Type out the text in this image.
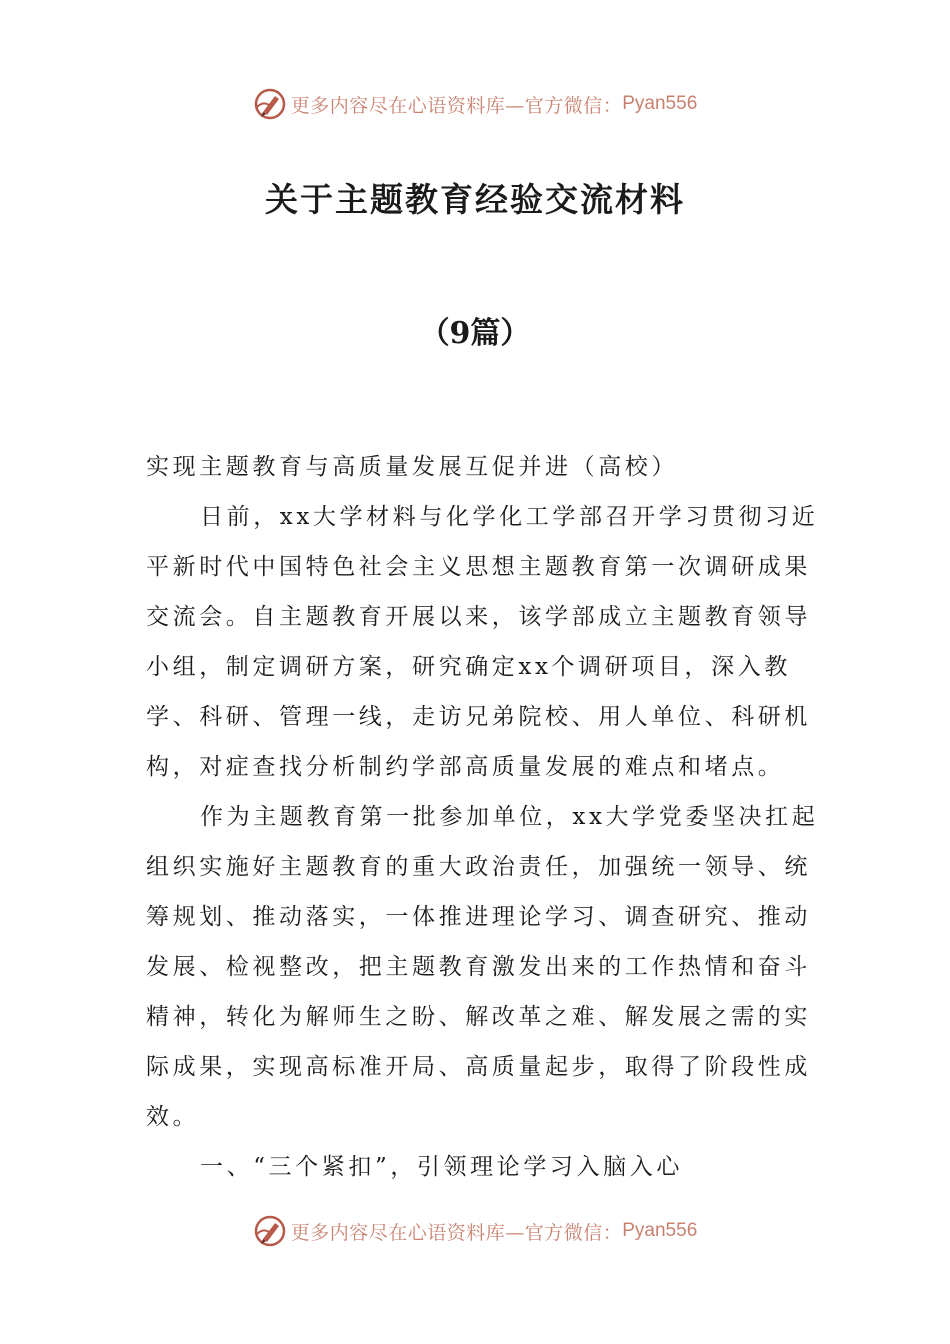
更多内容尽在心语资料库—官方微信： Pyan556
关于主题教育经验交流材料
（9篇）

实现主题教育与高质量发展互促并进（高校）

日前，xx大学材料与化学化工学部召开学习贯彻习近平新时代中国特色社会主义思想主题教育第一次调研成果交流会。自主题教育开展以来，该学部成立主题教育领导小组，制定调研方案，研究确定xx个调研项目，深入教学、科研、管理一线，走访兄弟院校、用人单位、科研机构，对症查找分析制约学部高质量发展的难点和堵点。

作为主题教育第一批参加单位，xx大学党委坚决扛起组织实施好主题教育的重大政治责任，加强统一领导、统筹规划、推动落实，一体推进理论学习、调查研究、推动发展、检视整改，把主题教育激发出来的工作热情和奋斗精神，转化为解师生之盼、解改革之难、解发展之需的实际成果，实现高标准开局、高质量起步，取得了阶段性成效。

一、“三个紧扣”，引领理论学习入脑入心

更多内容尽在心语资料库—官方微信： Pyan556
